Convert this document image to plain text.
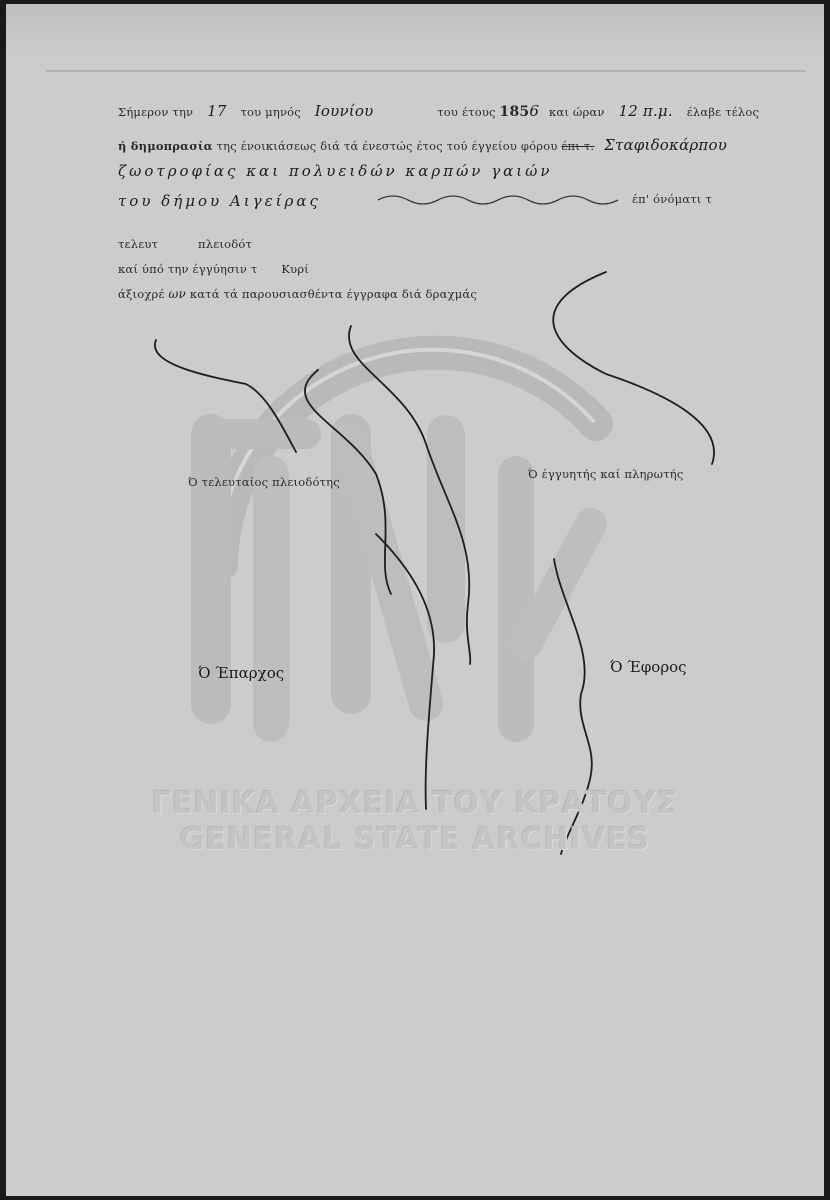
Σήμερον την 17 του μηνός Ιουνίου	του έτους 1856 και ώραν 12 π.μ. έλαβε τέλος
ή δημοπρασία της ένοικιάσεως διά τά ένεστώς έτος τού έγγείου φόρου έπι τ. Σταφιδοκάρπου
ζωοτροφίας και πολυειδών καρπών γαιών
του δήμου Αιγείρας	έπ' όνόματι τ
τελευτ	πλειοδότ
καί ύπό την έγγύησιν τ Κυρί
άξιοχρέ ων κατά τά παρουσιασθέντα έγγραφα διά δραχμάς
Ό τελευταίος πλειοδότης
Ό έγγυητής καί πληρωτής
Ό Έπαρχος	Ό Έφορος
ΓΕΝΙΚΑ ΑΡΧΕΙΑ ΤΟΥ ΚΡΑΤΟΥΣ
GENERAL STATE ARCHIVES
